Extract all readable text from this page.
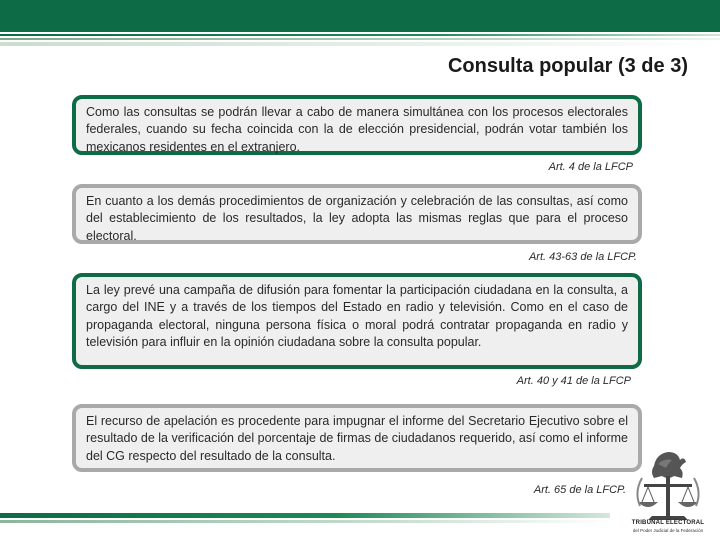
Consulta popular (3 de 3)
Como las consultas se podrán llevar a cabo de manera simultánea con los procesos electorales federales, cuando su fecha coincida con la de elección presidencial, podrán votar también los mexicanos residentes en el extranjero.
Art. 4 de la LFCP
En cuanto a los demás procedimientos de organización y celebración de las consultas, así como del establecimiento de los resultados, la ley adopta las mismas reglas que para el proceso electoral.
Art. 43-63 de la LFCP.
La ley prevé una campaña de difusión para fomentar la participación ciudadana en la consulta, a cargo del INE y a través de los tiempos del Estado en radio y televisión. Como en el caso de propaganda electoral, ninguna persona física o moral podrá contratar propaganda en radio y televisión para influir en la opinión ciudadana sobre la consulta popular.
Art. 40 y 41 de la LFCP
El recurso de apelación es procedente para impugnar el informe del Secretario Ejecutivo sobre el resultado de la verificación del porcentaje de firmas de ciudadanos requerido, así como el informe del CG respecto del resultado de la consulta.
Art. 65 de la LFCP.
TRIBUNAL ELECTORAL
del Poder Judicial de la Federación
